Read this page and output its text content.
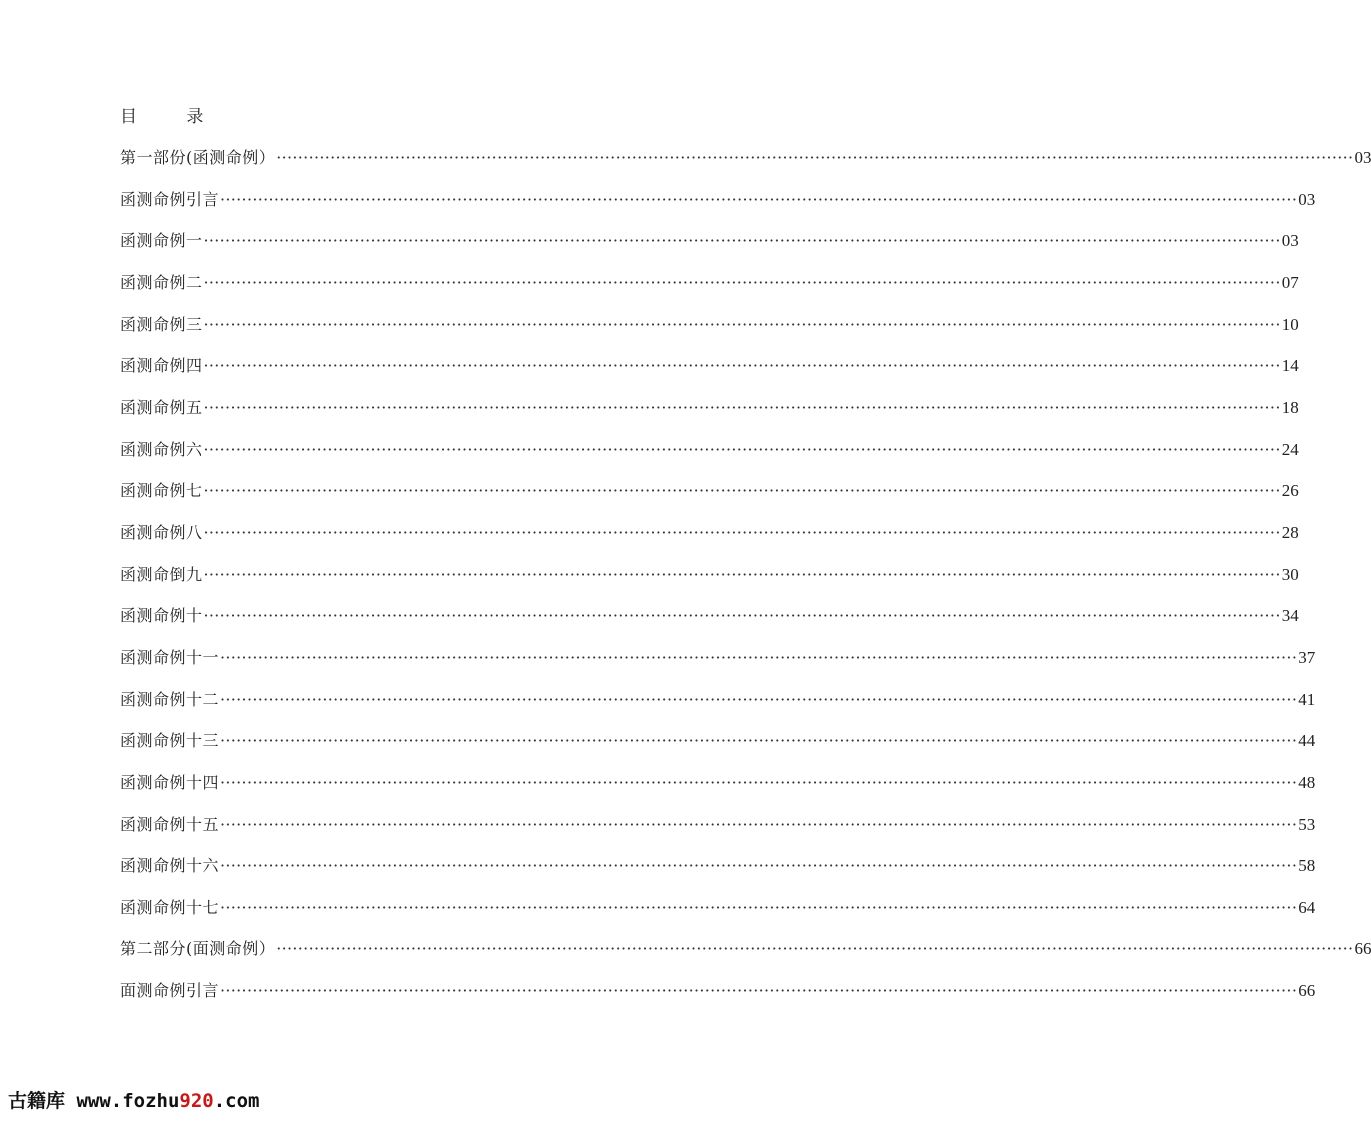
目 录
第一部份(函测命例） ········································································································································································································ 03
函测命例引言 ········································································································································································································ 03
函测命例一 ········································································································································································································ 03
函测命例二 ········································································································································································································ 07
函测命例三 ········································································································································································································ 10
函测命例四 ········································································································································································································ 14
函测命例五 ········································································································································································································ 18
函测命例六 ········································································································································································································ 24
函测命例七 ········································································································································································································ 26
函测命例八 ········································································································································································································ 28
函测命倒九 ········································································································································································································ 30
函测命例十 ········································································································································································································ 34
函测命例十一 ········································································································································································································ 37
函测命例十二 ········································································································································································································ 41
函测命例十三 ········································································································································································································ 44
函测命例十四 ········································································································································································································ 48
函测命例十五 ········································································································································································································ 53
函测命例十六 ········································································································································································································ 58
函测命例十七 ········································································································································································································ 64
第二部分(面测命例） ········································································································································································································ 66
面测命例引言 ········································································································································································································ 66
古籍库 www.fozhu920.com
